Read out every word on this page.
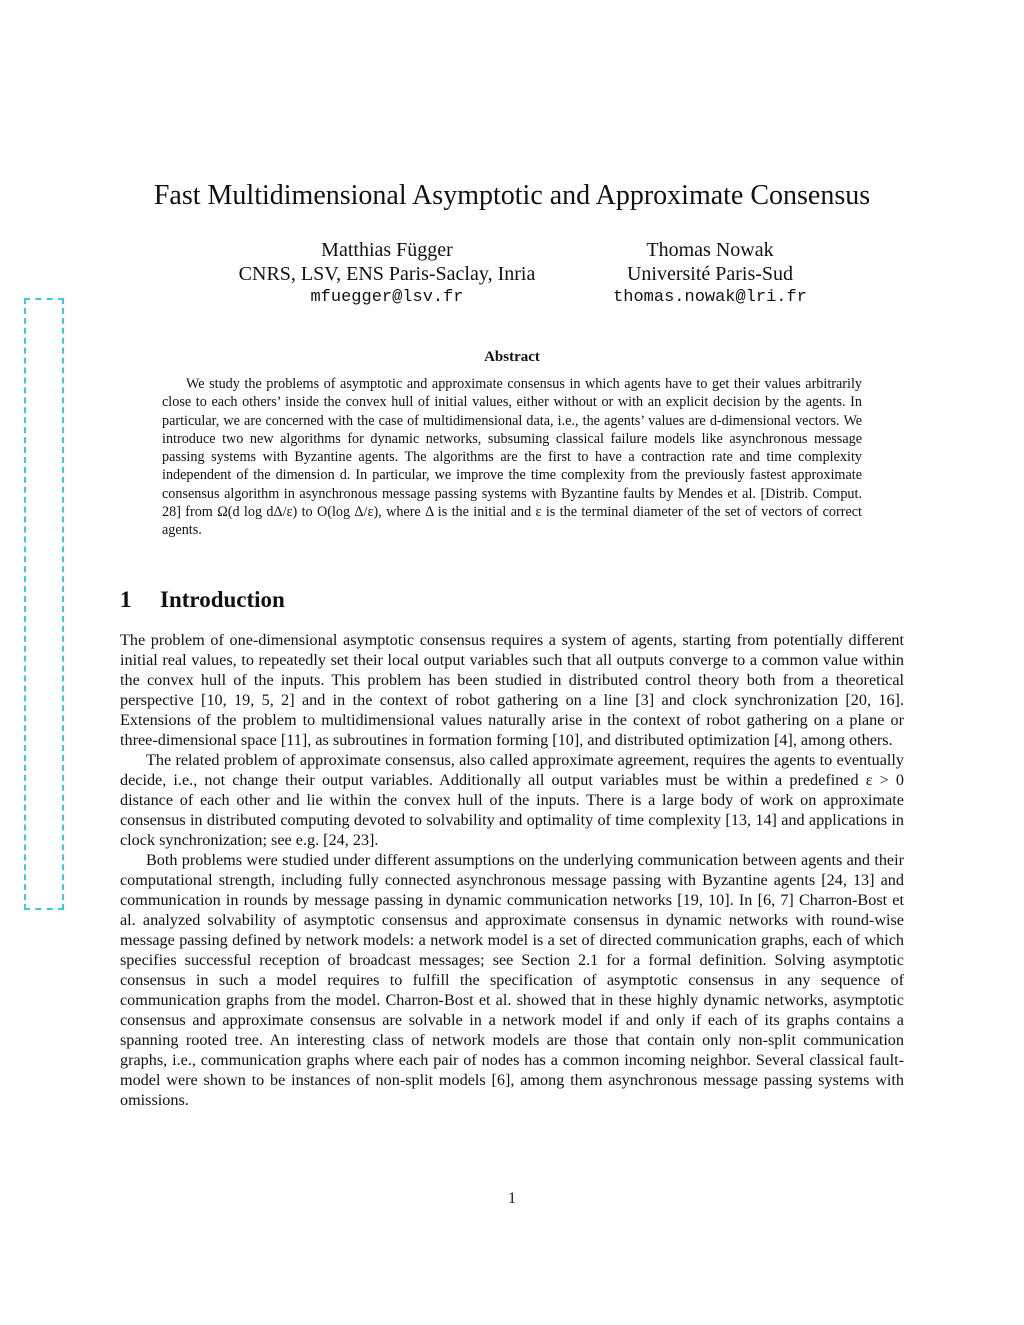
Fast Multidimensional Asymptotic and Approximate Consensus
Matthias Függer
CNRS, LSV, ENS Paris-Saclay, Inria
mfuegger@lsv.fr
Thomas Nowak
Université Paris-Sud
thomas.nowak@lri.fr
Abstract

We study the problems of asymptotic and approximate consensus in which agents have to get their values arbitrarily close to each others’ inside the convex hull of initial values, either without or with an explicit decision by the agents. In particular, we are concerned with the case of multidimensional data, i.e., the agents’ values are d-dimensional vectors. We introduce two new algorithms for dynamic networks, subsuming classical failure models like asynchronous message passing systems with Byzantine agents. The algorithms are the first to have a contraction rate and time complexity independent of the dimension d. In particular, we improve the time complexity from the previously fastest approximate consensus algorithm in asynchronous message passing systems with Byzantine faults by Mendes et al. [Distrib. Comput. 28] from Ω(d log dΔ/ε) to O(log Δ/ε), where Δ is the initial and ε is the terminal diameter of the set of vectors of correct agents.

1 Introduction

The problem of one-dimensional asymptotic consensus requires a system of agents, starting from potentially different initial real values, to repeatedly set their local output variables such that all outputs converge to a common value within the convex hull of the inputs. This problem has been studied in distributed control theory both from a theoretical perspective [10, 19, 5, 2] and in the context of robot gathering on a line [3] and clock synchronization [20, 16]. Extensions of the problem to multidimensional values naturally arise in the context of robot gathering on a plane or three-dimensional space [11], as subroutines in formation forming [10], and distributed optimization [4], among others.

The related problem of approximate consensus, also called approximate agreement, requires the agents to eventually decide, i.e., not change their output variables. Additionally all output variables must be within a predefined ε > 0 distance of each other and lie within the convex hull of the inputs. There is a large body of work on approximate consensus in distributed computing devoted to solvability and optimality of time complexity [13, 14] and applications in clock synchronization; see e.g. [24, 23].

Both problems were studied under different assumptions on the underlying communication between agents and their computational strength, including fully connected asynchronous message passing with Byzantine agents [24, 13] and communication in rounds by message passing in dynamic communication networks [19, 10]. In [6, 7] Charron-Bost et al. analyzed solvability of asymptotic consensus and approximate consensus in dynamic networks with round-wise message passing defined by network models: a network model is a set of directed communication graphs, each of which specifies successful reception of broadcast messages; see Section 2.1 for a formal definition. Solving asymptotic consensus in such a model requires to fulfill the specification of asymptotic consensus in any sequence of communication graphs from the model. Charron-Bost et al. showed that in these highly dynamic networks, asymptotic consensus and approximate consensus are solvable in a network model if and only if each of its graphs contains a spanning rooted tree. An interesting class of network models are those that contain only non-split communication graphs, i.e., communication graphs where each pair of nodes has a common incoming neighbor. Several classical fault-model were shown to be instances of non-split models [6], among them asynchronous message passing systems with omissions.

1
